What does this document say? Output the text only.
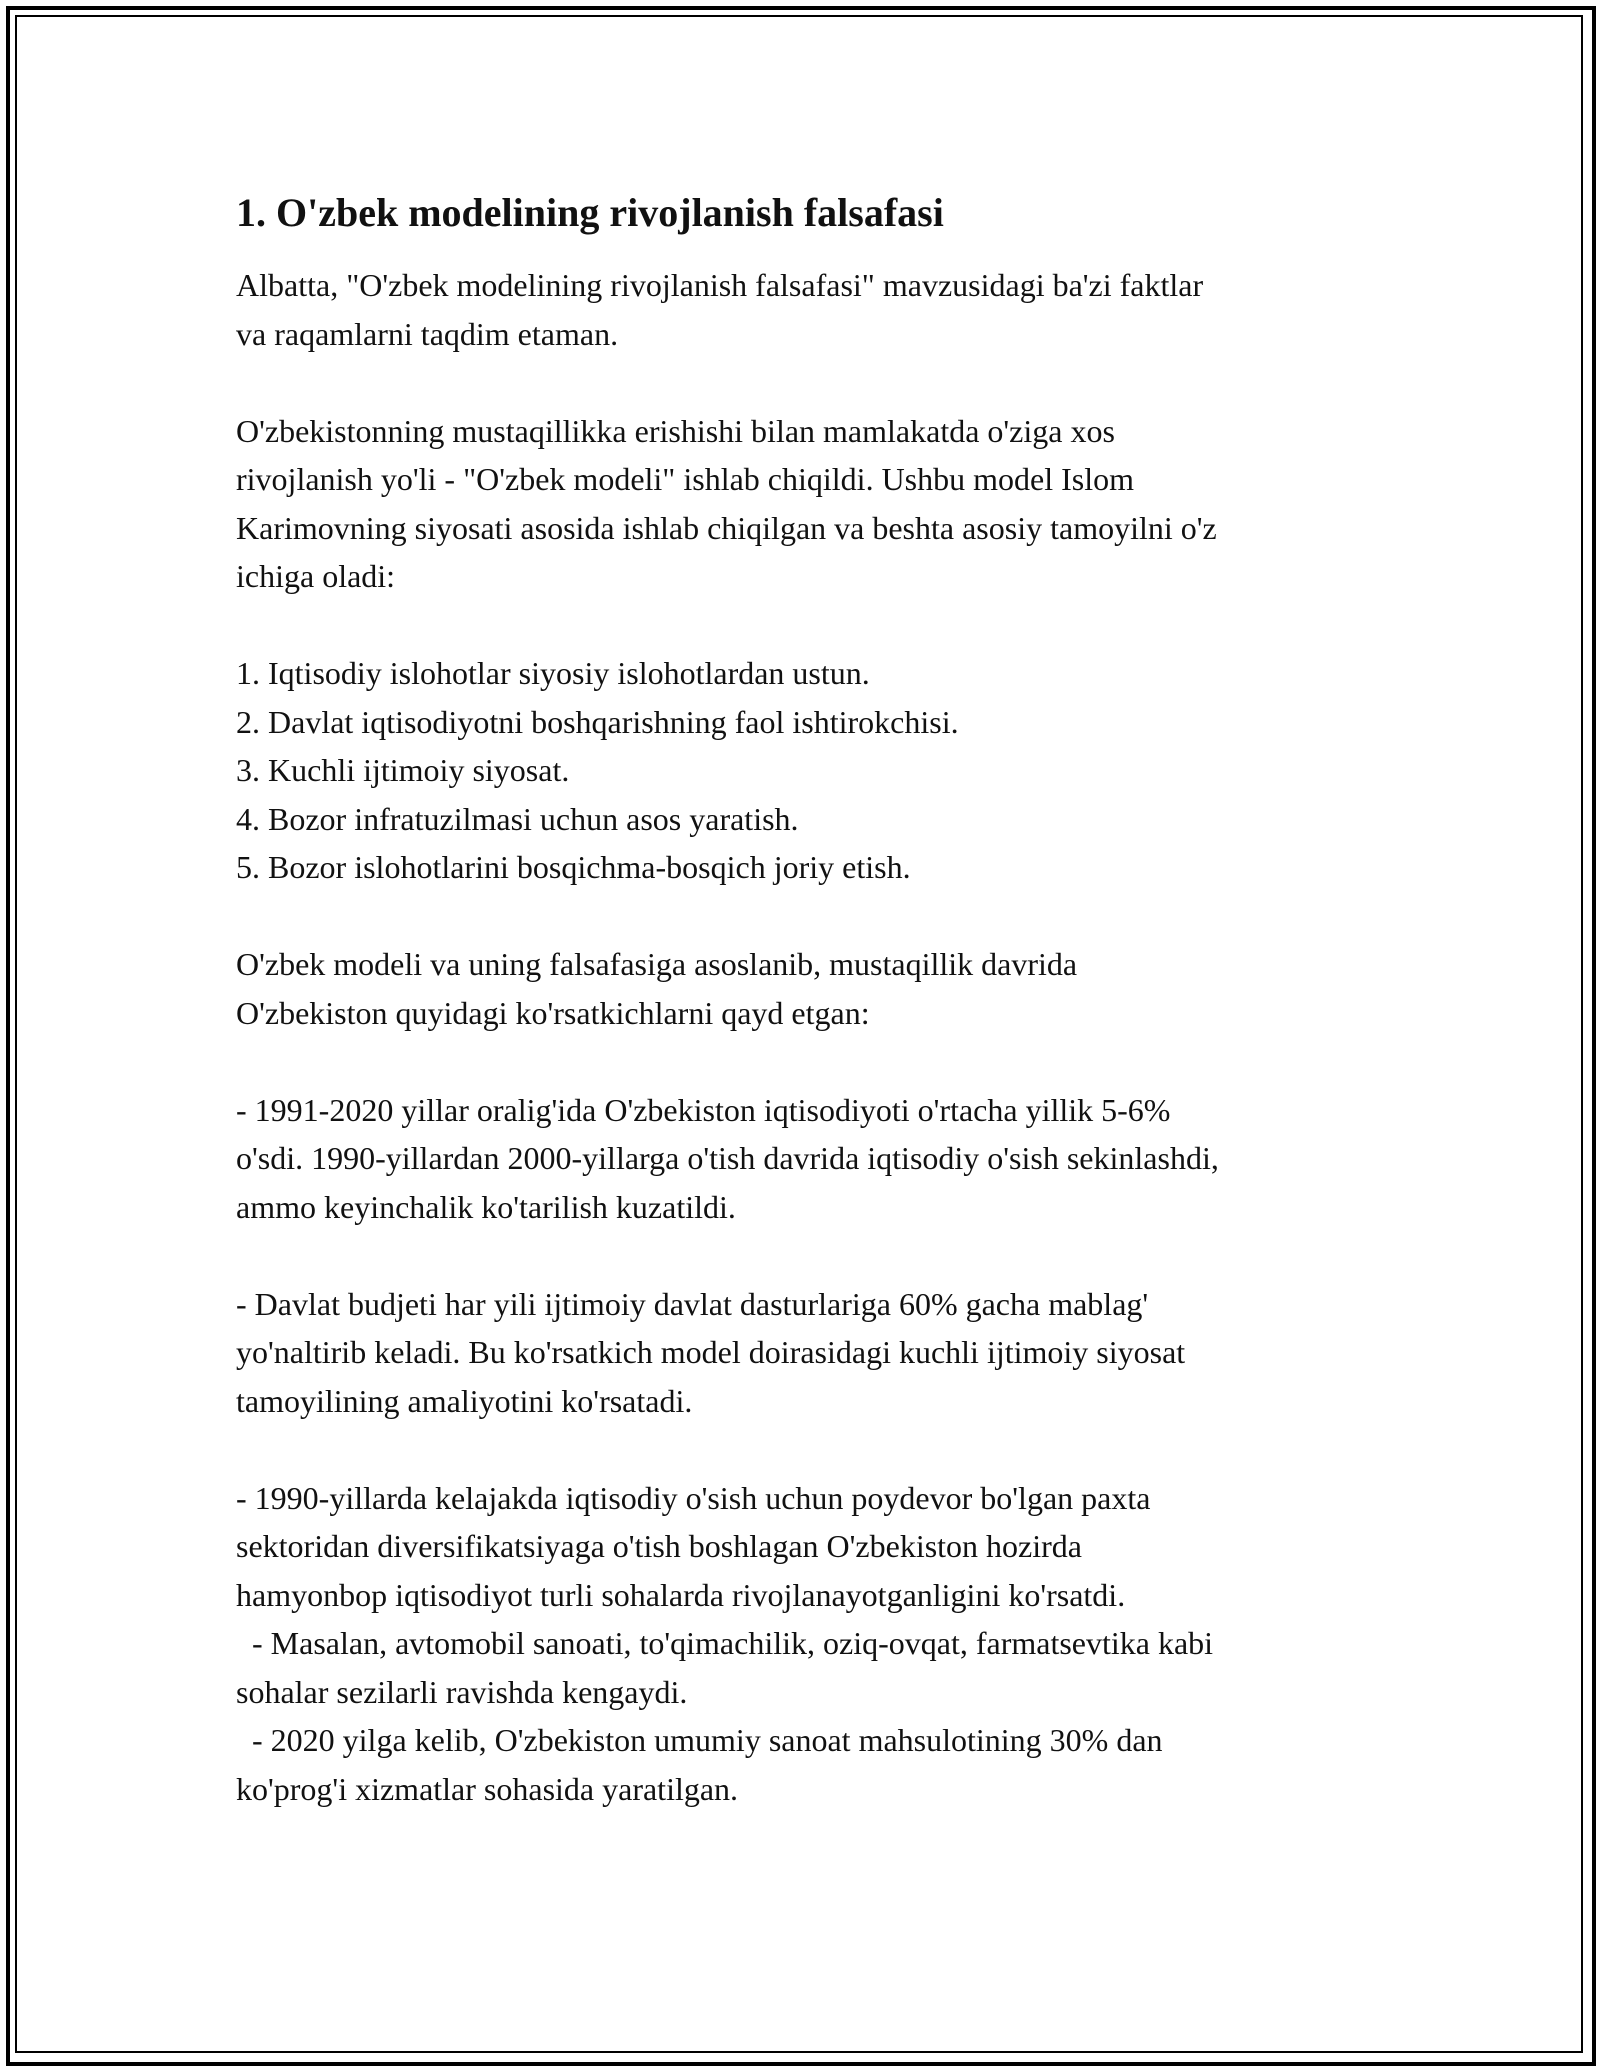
1. O'zbek modelining rivojlanish falsafasi

Albatta, "O'zbek modelining rivojlanish falsafasi" mavzusidagi ba'zi faktlar
va raqamlarni taqdim etaman.

O'zbekistonning mustaqillikka erishishi bilan mamlakatda o'ziga xos
rivojlanish yo'li - "O'zbek modeli" ishlab chiqildi. Ushbu model Islom
Karimovning siyosati asosida ishlab chiqilgan va beshta asosiy tamoyilni o'z
ichiga oladi:

1. Iqtisodiy islohotlar siyosiy islohotlardan ustun.

2. Davlat iqtisodiyotni boshqarishning faol ishtirokchisi.

3. Kuchli ijtimoiy siyosat.

4. Bozor infratuzilmasi uchun asos yaratish.

5. Bozor islohotlarini bosqichma-bosqich joriy etish.

O'zbek modeli va uning falsafasiga asoslanib, mustaqillik davrida
O'zbekiston quyidagi ko'rsatkichlarni qayd etgan:

- 1991-2020 yillar oralig'ida O'zbekiston iqtisodiyoti o'rtacha yillik 5-6%
o'sdi. 1990-yillardan 2000-yillarga o'tish davrida iqtisodiy o'sish sekinlashdi,
ammo keyinchalik ko'tarilish kuzatildi.

- Davlat budjeti har yili ijtimoiy davlat dasturlariga 60% gacha mablag'
yo'naltirib keladi. Bu ko'rsatkich model doirasidagi kuchli ijtimoiy siyosat
tamoyilining amaliyotini ko'rsatadi.

- 1990-yillarda kelajakda iqtisodiy o'sish uchun poydevor bo'lgan paxta
sektoridan diversifikatsiyaga o'tish boshlagan O'zbekiston hozirda
hamyonbop iqtisodiyot turli sohalarda rivojlanayotganligini ko'rsatdi.

- Masalan, avtomobil sanoati, to'qimachilik, oziq-ovqat, farmatsevtika kabi
sohalar sezilarli ravishda kengaydi.

- 2020 yilga kelib, O'zbekiston umumiy sanoat mahsulotining 30% dan
ko'prog'i xizmatlar sohasida yaratilgan.
